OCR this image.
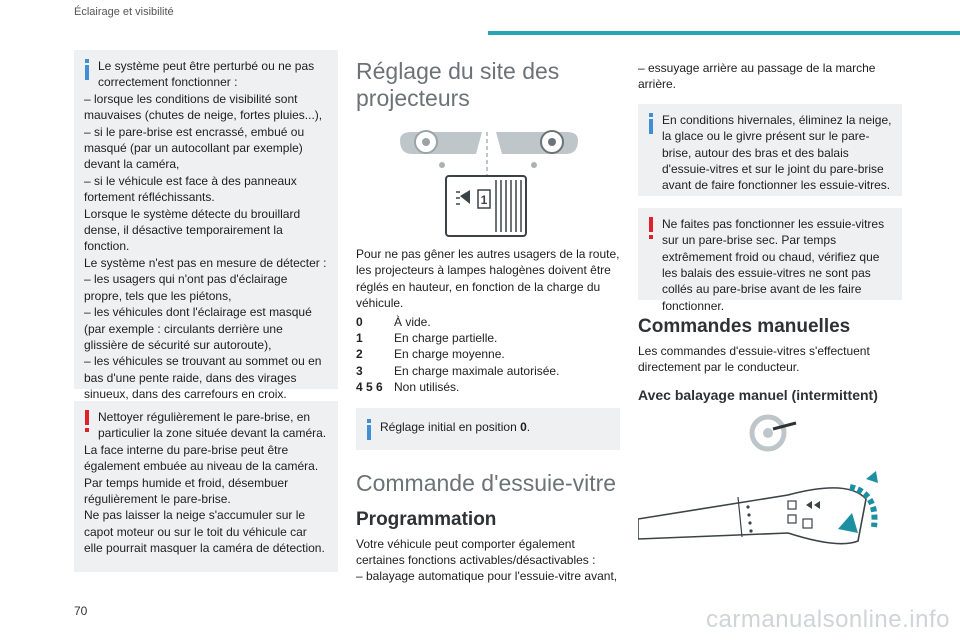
Éclairage et visibilité

Le système peut être perturbé ou ne pas correctement fonctionner :

– lorsque les conditions de visibilité sont mauvaises (chutes de neige, fortes pluies...),

– si le pare-brise est encrassé, embué ou masqué (par un autocollant par exemple) devant la caméra,

– si le véhicule est face à des panneaux fortement réfléchissants.

Lorsque le système détecte du brouillard dense, il désactive temporairement la fonction.

Le système n'est pas en mesure de détecter :

– les usagers qui n'ont pas d'éclairage propre, tels que les piétons,

– les véhicules dont l'éclairage est masqué (par exemple : circulants derrière une glissière de sécurité sur autoroute),

– les véhicules se trouvant au sommet ou en bas d'une pente raide, dans des virages sinueux, dans des carrefours en croix.

Nettoyer régulièrement le pare-brise, en particulier la zone située devant la caméra.

La face interne du pare-brise peut être également embuée au niveau de la caméra.

Par temps humide et froid, désembuer régulièrement le pare-brise.

Ne pas laisser la neige s'accumuler sur le capot moteur ou sur le toit du véhicule car elle pourrait masquer la caméra de détection.

Réglage du site des projecteurs
1
Pour ne pas gêner les autres usagers de la route, les projecteurs à lampes halogènes doivent être réglés en hauteur, en fonction de la charge du véhicule.
0	À vide.
1	En charge partielle.
2	En charge moyenne.
3	En charge maximale autorisée.
4 5 6 Non utilisés.

Réglage initial en position 0.

Commande d'essuie-vitre
Programmation
Votre véhicule peut comporter également certaines fonctions activables/désactivables :
– balayage automatique pour l'essuie-vitre avant,
– essuyage arrière au passage de la marche arrière.

En conditions hivernales, éliminez la neige, la glace ou le givre présent sur le pare-brise, autour des bras et des balais d'essuie-vitres et sur le joint du pare-brise avant de faire fonctionner les essuie-vitres.

Ne faites pas fonctionner les essuie-vitres sur un pare-brise sec. Par temps extrêmement froid ou chaud, vérifiez que les balais des essuie-vitres ne sont pas collés au pare-brise avant de les faire fonctionner.

Commandes manuelles
Les commandes d'essuie-vitres s'effectuent directement par le conducteur.
Avec balayage manuel (intermittent)
70	carmanualsonline.info
